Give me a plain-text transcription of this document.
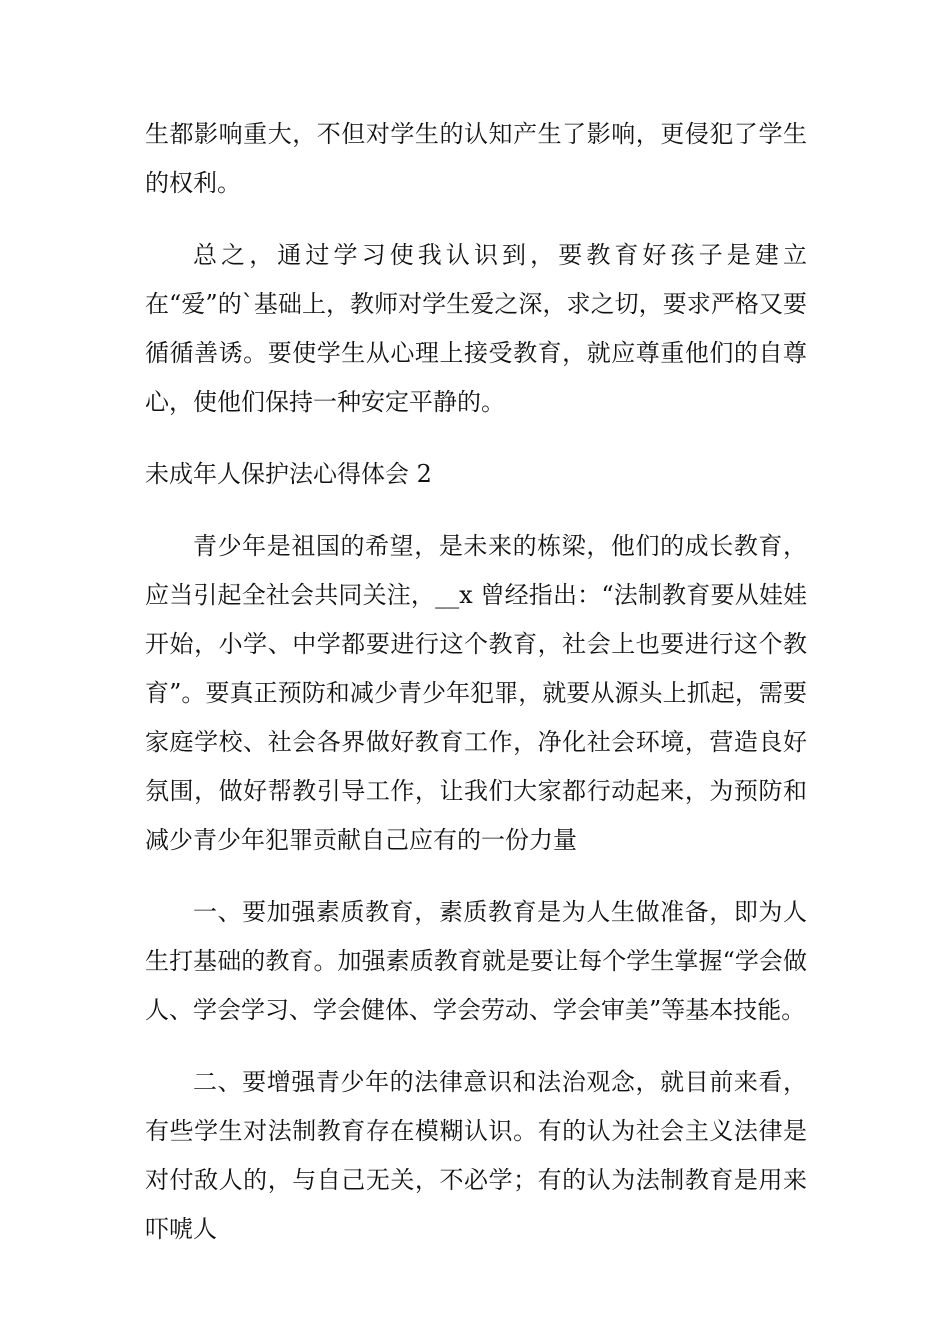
生都影响重大，不但对学生的认知产生了影响，更侵犯了学生的权利。

总之，通过学习使我认识到，要教育好孩子是建立在“爱”的`基础上，教师对学生爱之深，求之切，要求严格又要循循善诱。要使学生从心理上接受教育，就应尊重他们的自尊心，使他们保持一种安定平静的。

未成年人保护法心得体会 2

青少年是祖国的希望，是未来的栋梁，他们的成长教育，应当引起全社会共同关注，__x 曾经指出：“法制教育要从娃娃开始，小学、中学都要进行这个教育，社会上也要进行这个教育”。要真正预防和减少青少年犯罪，就要从源头上抓起，需要家庭学校、社会各界做好教育工作，净化社会环境，营造良好氛围，做好帮教引导工作，让我们大家都行动起来，为预防和减少青少年犯罪贡献自己应有的一份力量

一、要加强素质教育，素质教育是为人生做准备，即为人生打基础的教育。加强素质教育就是要让每个学生掌握“学会做人、学会学习、学会健体、学会劳动、学会审美”等基本技能。

二、要增强青少年的法律意识和法治观念，就目前来看，有些学生对法制教育存在模糊认识。有的认为社会主义法律是对付敌人的，与自己无关，不必学；有的认为法制教育是用来吓唬人
